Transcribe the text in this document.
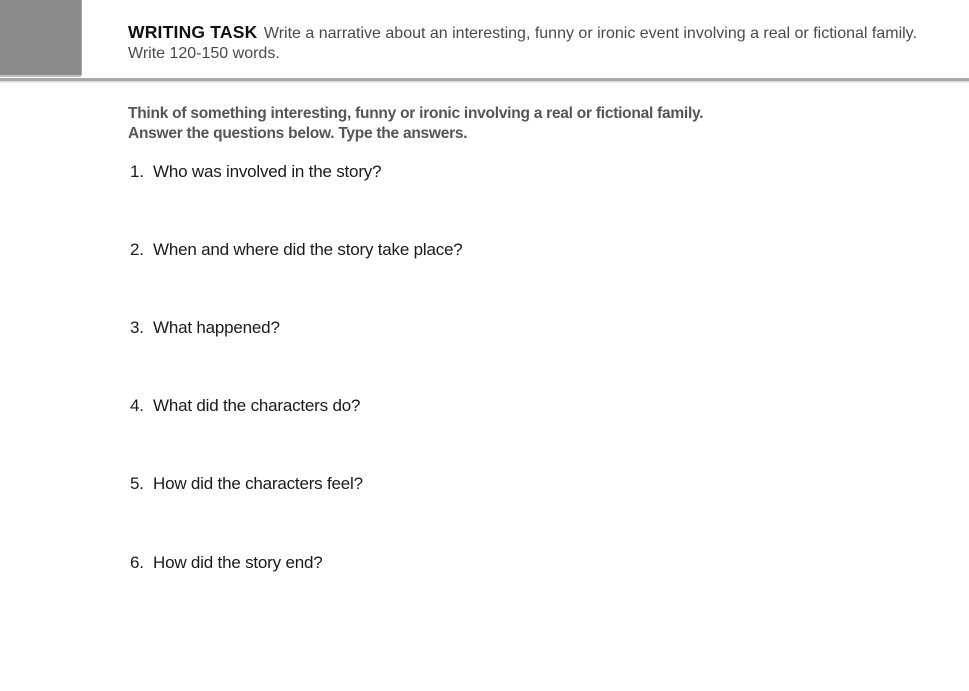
WRITING TASK Write a narrative about an interesting, funny or ironic event involving a real or fictional family. Write 120-150 words.
Think of something interesting, funny or ironic involving a real or fictional family.
Answer the questions below. Type the answers.
1. Who was involved in the story?
2. When and where did the story take place?
3. What happened?
4. What did the characters do?
5. How did the characters feel?
6. How did the story end?
